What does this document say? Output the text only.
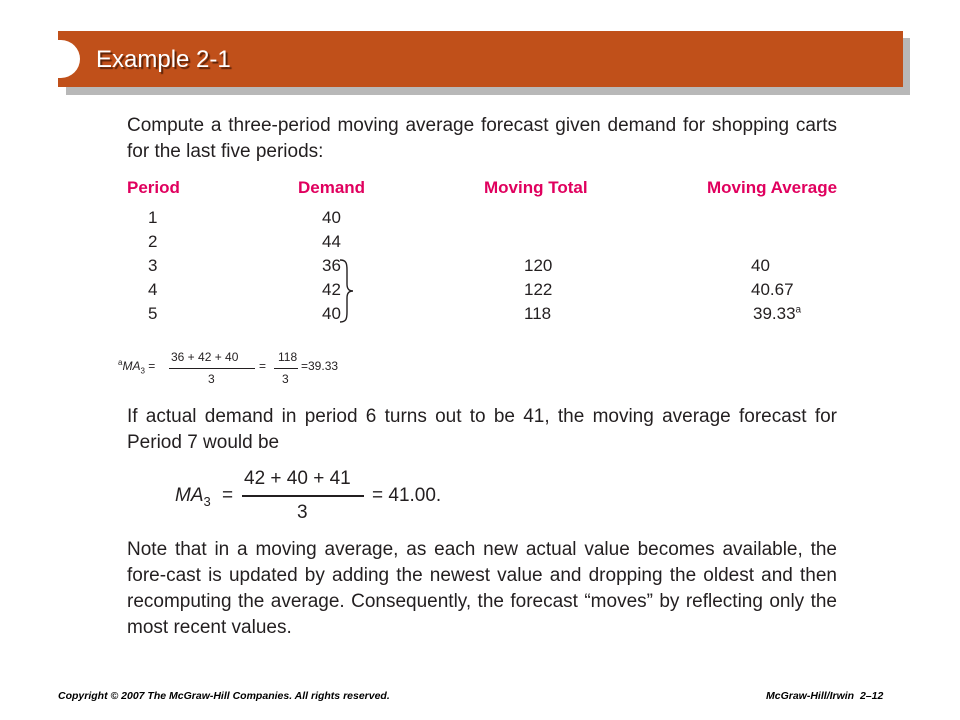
Example 2-1
Compute a three-period moving average forecast given demand for shopping carts for the last five periods:
Period	Demand	Moving Total	Moving Average
1	40
2	44
3	36	120	40
4	42	122	40.67
5	40	118	39.33$^a$
$^aMA_3$ =
36 + 42 + 40
3
=
118
3
=39.33
If actual demand in period 6 turns out to be 41, the moving average forecast for Period 7 would be
$MA_3$ =
42 + 40 + 41
3
= 41.00.
Note that in a moving average, as each new actual value becomes available, the fore-cast is updated by adding the newest value and dropping the oldest and then recomputing the average. Consequently, the forecast “moves” by reflecting only the most recent values.
Copyright © 2007 The McGraw-Hill Companies. All rights reserved.	McGraw-Hill/Irwin 2–12
